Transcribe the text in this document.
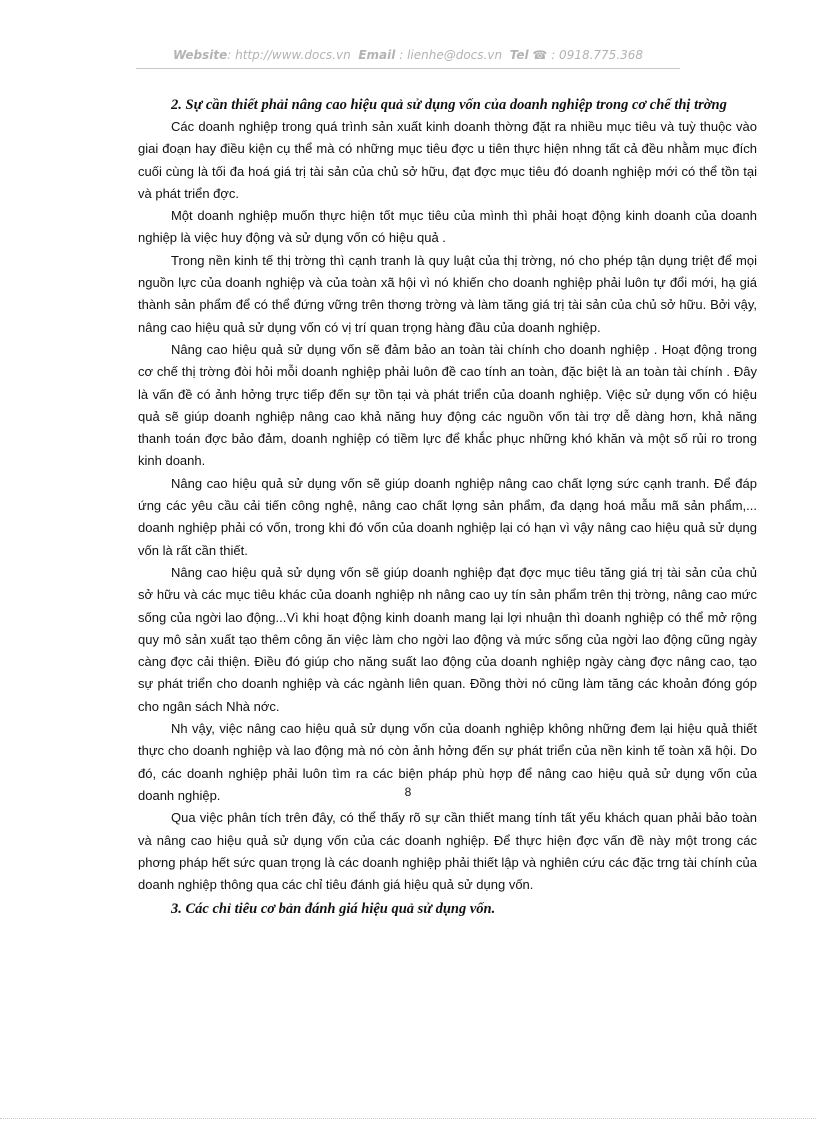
Website: http://www.docs.vn Email : lienhe@docs.vn Tel ☎ : 0918.775.368

2. Sự cần thiết phải nâng cao hiệu quả sử dụng vốn của doanh nghiệp trong cơ chế thị trờng

Các doanh nghiệp trong quá trình sản xuất kinh doanh thờng đặt ra nhiều mục tiêu và tuỳ thuộc vào giai đoạn hay điều kiện cụ thể mà có những mục tiêu đợc u tiên thực hiện nhng tất cả đều nhằm mục đích cuối cùng là tối đa hoá giá trị tài sản của chủ sở hữu, đạt đợc mục tiêu đó doanh nghiệp mới có thể tồn tại và phát triển đợc.

Một doanh nghiệp muốn thực hiện tốt mục tiêu của mình thì phải hoạt động kinh doanh của doanh nghiệp là việc huy động và sử dụng vốn có hiệu quả .

Trong nền kinh tế thị trờng thì cạnh tranh là quy luật của thị trờng, nó cho phép tận dụng triệt để mọi nguồn lực của doanh nghiệp và của toàn xã hội vì nó khiến cho doanh nghiệp phải luôn tự đổi mới, hạ giá thành sản phẩm để có thể đứng vững trên thơng trờng và làm tăng giá trị tài sản của chủ sở hữu. Bởi vậy, nâng cao hiệu quả sử dụng vốn có vị trí quan trọng hàng đầu của doanh nghiệp.

Nâng cao hiệu quả sử dụng vốn sẽ đảm bảo an toàn tài chính cho doanh nghiệp . Hoạt động trong cơ chế thị trờng đòi hỏi mỗi doanh nghiệp phải luôn đề cao tính an toàn, đặc biệt là an toàn tài chính . Đây là vấn đề có ảnh hởng trực tiếp đến sự tồn tại và phát triển của doanh nghiệp. Việc sử dụng vốn có hiệu quả sẽ giúp doanh nghiệp nâng cao khả năng huy động các nguồn vốn tài trợ dễ dàng hơn, khả năng thanh toán đợc bảo đảm, doanh nghiệp có tiềm lực để khắc phục những khó khăn và một số rủi ro trong kinh doanh.

Nâng cao hiệu quả sử dụng vốn sẽ giúp doanh nghiệp nâng cao chất lợng sức cạnh tranh. Để đáp ứng các yêu cầu cải tiến công nghệ, nâng cao chất lợng sản phẩm, đa dạng hoá mẫu mã sản phẩm,... doanh nghiệp phải có vốn, trong khi đó vốn của doanh nghiệp lại có hạn vì vậy nâng cao hiệu quả sử dụng vốn là rất cần thiết.

Nâng cao hiệu quả sử dụng vốn sẽ giúp doanh nghiệp đạt đợc mục tiêu tăng giá trị tài sản của chủ sở hữu và các mục tiêu khác của doanh nghiệp nh nâng cao uy tín sản phẩm trên thị trờng, nâng cao mức sống của ngời lao động...Vì khi hoạt động kinh doanh mang lại lợi nhuận thì doanh nghiệp có thể mở rộng quy mô sản xuất tạo thêm công ăn việc làm cho ngời lao động và mức sống của ngời lao động cũng ngày càng đợc cải thiện. Điều đó giúp cho năng suất lao động của doanh nghiệp ngày càng đợc nâng cao, tạo sự phát triển cho doanh nghiệp và các ngành liên quan. Đồng thời nó cũng làm tăng các khoản đóng góp cho ngân sách Nhà nớc.

Nh vậy, việc nâng cao hiệu quả sử dụng vốn của doanh nghiệp không những đem lại hiệu quả thiết thực cho doanh nghiệp và lao động mà nó còn ảnh hởng đến sự phát triển của nền kinh tế toàn xã hội. Do đó, các doanh nghiệp phải luôn tìm ra các biện pháp phù hợp để nâng cao hiệu quả sử dụng vốn của doanh nghiệp.

Qua việc phân tích trên đây, có thể thấy rõ sự cần thiết mang tính tất yếu khách quan phải bảo toàn và nâng cao hiệu quả sử dụng vốn của các doanh nghiệp. Để thực hiện đợc vấn đề này một trong các phơng pháp hết sức quan trọng là các doanh nghiệp phải thiết lập và nghiên cứu các đặc trng tài chính của doanh nghiệp thông qua các chỉ tiêu đánh giá hiệu quả sử dụng vốn.

3. Các chỉ tiêu cơ bản đánh giá hiệu quả sử dụng vốn.

8
